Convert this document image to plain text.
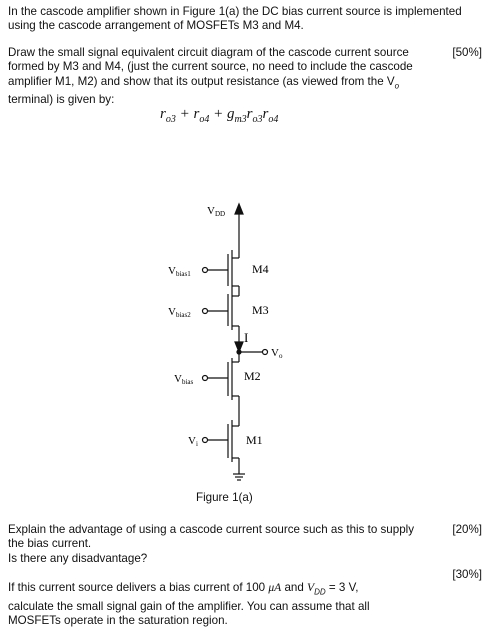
In the cascode amplifier shown in Figure 1(a) the DC bias current source is implemented using the cascode arrangement of MOSFETs M3 and M4.

Draw the small signal equivalent circuit diagram of the cascode current source
formed by M3 and M4, (just the current source, no need to include the cascode
amplifier M1, M2) and show that its output resistance (as viewed from the $V_o$
terminal) is given by:
[50%]
$r_{o3} + r_{o4} + g_{m3}r_{o3}r_{o4}$
VDD
Vbias1
Vbias2
Vbias
Vi
Vo
I
M4
M3
M2
M1
Figure 1(a)
Explain the advantage of using a cascode current source such as this to supply the bias current.
Is there any disadvantage?
[20%]
[30%]
If this current source delivers a bias current of 100 μA and $V_{DD} = 3$ V,
calculate the small signal gain of the amplifier. You can assume that all
MOSFETs operate in the saturation region.
